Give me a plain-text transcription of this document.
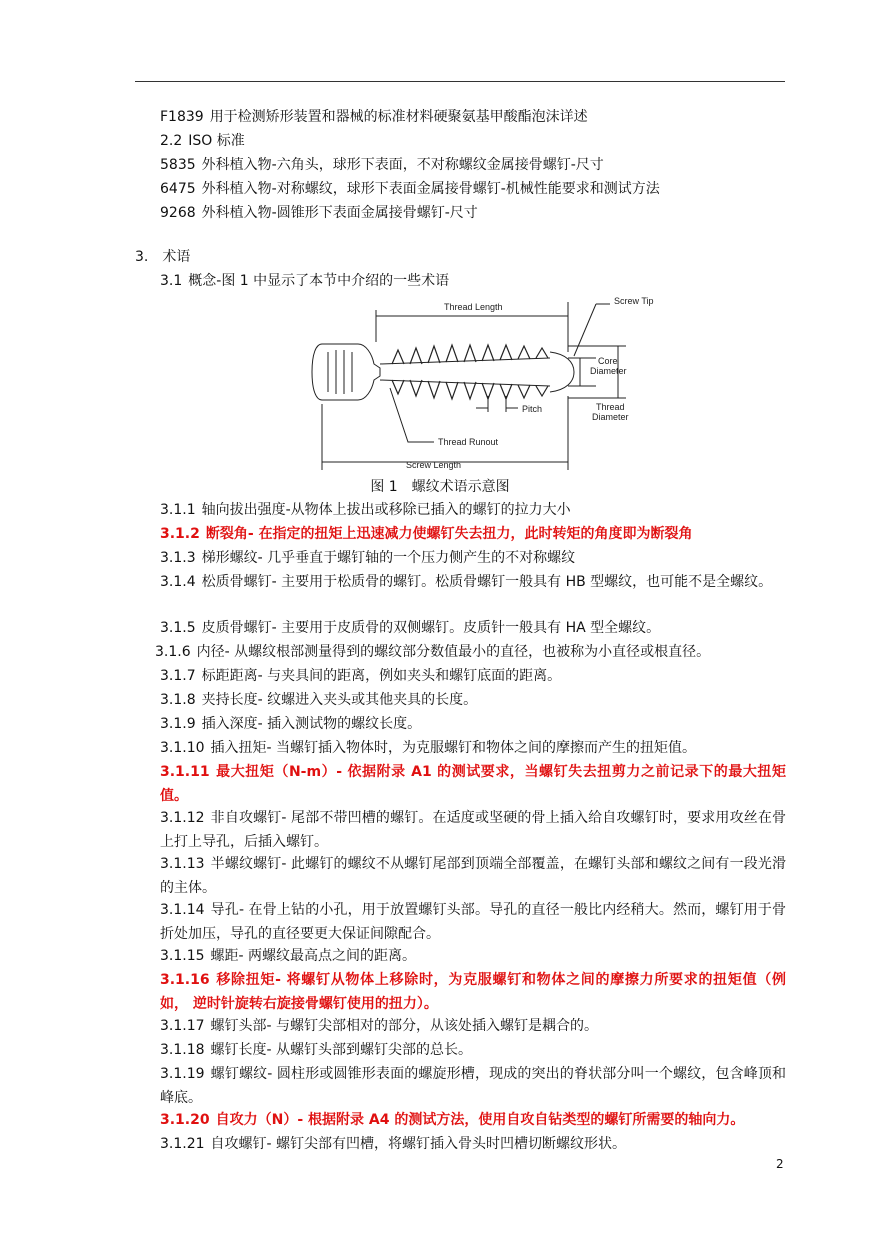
F1839 用于检测矫形装置和器械的标准材料硬聚氨基甲酸酯泡沫详述
2.2 ISO 标准
5835 外科植入物-六角头，球形下表面，不对称螺纹金属接骨螺钉-尺寸
6475 外科植入物-对称螺纹，球形下表面金属接骨螺钉-机械性能要求和测试方法
9268 外科植入物-圆锥形下表面金属接骨螺钉-尺寸
3. 术语
3.1 概念-图 1 中显示了本节中介绍的一些术语
Thread Length
Screw Tip
Core
Diameter
Thread
Diameter
Pitch
Thread Runout
Screw Length
图 1 螺纹术语示意图
3.1.1 轴向拔出强度-从物体上拔出或移除已插入的螺钉的拉力大小
3.1.2 断裂角- 在指定的扭矩上迅速减力使螺钉失去扭力，此时转矩的角度即为断裂角
3.1.3 梯形螺纹- 几乎垂直于螺钉轴的一个压力侧产生的不对称螺纹
3.1.4 松质骨螺钉- 主要用于松质骨的螺钉。松质骨螺钉一般具有 HB 型螺纹，也可能不是全螺纹。
3.1.5 皮质骨螺钉- 主要用于皮质骨的双侧螺钉。皮质针一般具有 HA 型全螺纹。
3.1.6 内径- 从螺纹根部测量得到的螺纹部分数值最小的直径，也被称为小直径或根直径。
3.1.7 标距距离- 与夹具间的距离，例如夹头和螺钉底面的距离。
3.1.8 夹持长度- 纹螺进入夹头或其他夹具的长度。
3.1.9 插入深度- 插入测试物的螺纹长度。
3.1.10 插入扭矩- 当螺钉插入物体时，为克服螺钉和物体之间的摩擦而产生的扭矩值。
3.1.11 最大扭矩（N-m）- 依据附录 A1 的测试要求，当螺钉失去扭剪力之前记录下的最大扭矩值。
3.1.12 非自攻螺钉- 尾部不带凹槽的螺钉。在适度或坚硬的骨上插入给自攻螺钉时，要求用攻丝在骨上打上导孔，后插入螺钉。
3.1.13 半螺纹螺钉- 此螺钉的螺纹不从螺钉尾部到顶端全部覆盖，在螺钉头部和螺纹之间有一段光滑的主体。
3.1.14 导孔- 在骨上钻的小孔，用于放置螺钉头部。导孔的直径一般比内经稍大。然而，螺钉用于骨折处加压，导孔的直径要更大保证间隙配合。
3.1.15 螺距- 两螺纹最高点之间的距离。
3.1.16 移除扭矩- 将螺钉从物体上移除时，为克服螺钉和物体之间的摩擦力所要求的扭矩值（例如， 逆时针旋转右旋接骨螺钉使用的扭力）。
3.1.17 螺钉头部- 与螺钉尖部相对的部分，从该处插入螺钉是耦合的。
3.1.18 螺钉长度- 从螺钉头部到螺钉尖部的总长。
3.1.19 螺钉螺纹- 圆柱形或圆锥形表面的螺旋形槽，现成的突出的脊状部分叫一个螺纹，包含峰顶和峰底。
3.1.20 自攻力（N）- 根据附录 A4 的测试方法，使用自攻自钻类型的螺钉所需要的轴向力。
3.1.21 自攻螺钉- 螺钉尖部有凹槽，将螺钉插入骨头时凹槽切断螺纹形状。
2
